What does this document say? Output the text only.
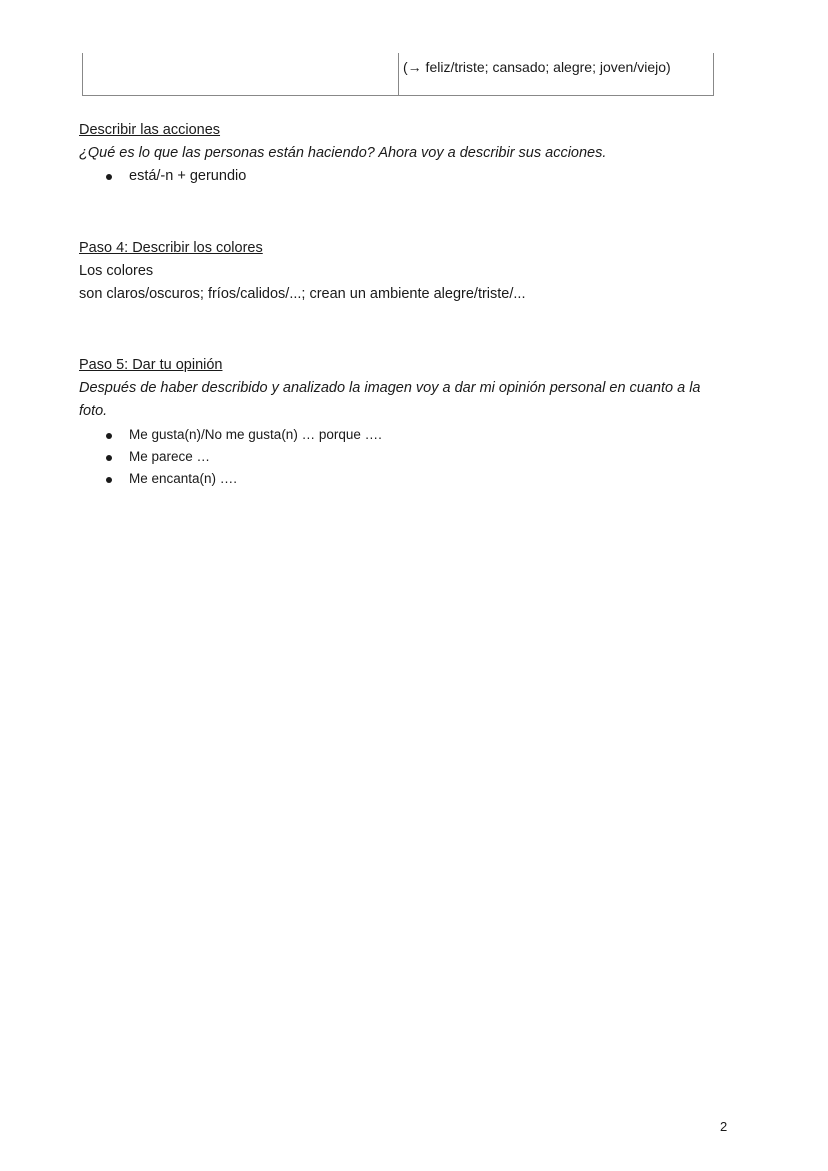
(→ feliz/triste; cansado; alegre; joven/viejo)

Describir las acciones

¿Qué es lo que las personas están haciendo? Ahora voy a describir sus acciones.

está/-n + gerundio

Paso 4: Describir los colores

Los colores

son claros/oscuros; fríos/calidos/...; crean un ambiente alegre/triste/...

Paso 5: Dar tu opinión

Después de haber describido y analizado la imagen voy a dar mi opinión personal en cuanto a la

foto.

Me gusta(n)/No me gusta(n) … porque ….
Me parece …
Me encanta(n) ….
2
